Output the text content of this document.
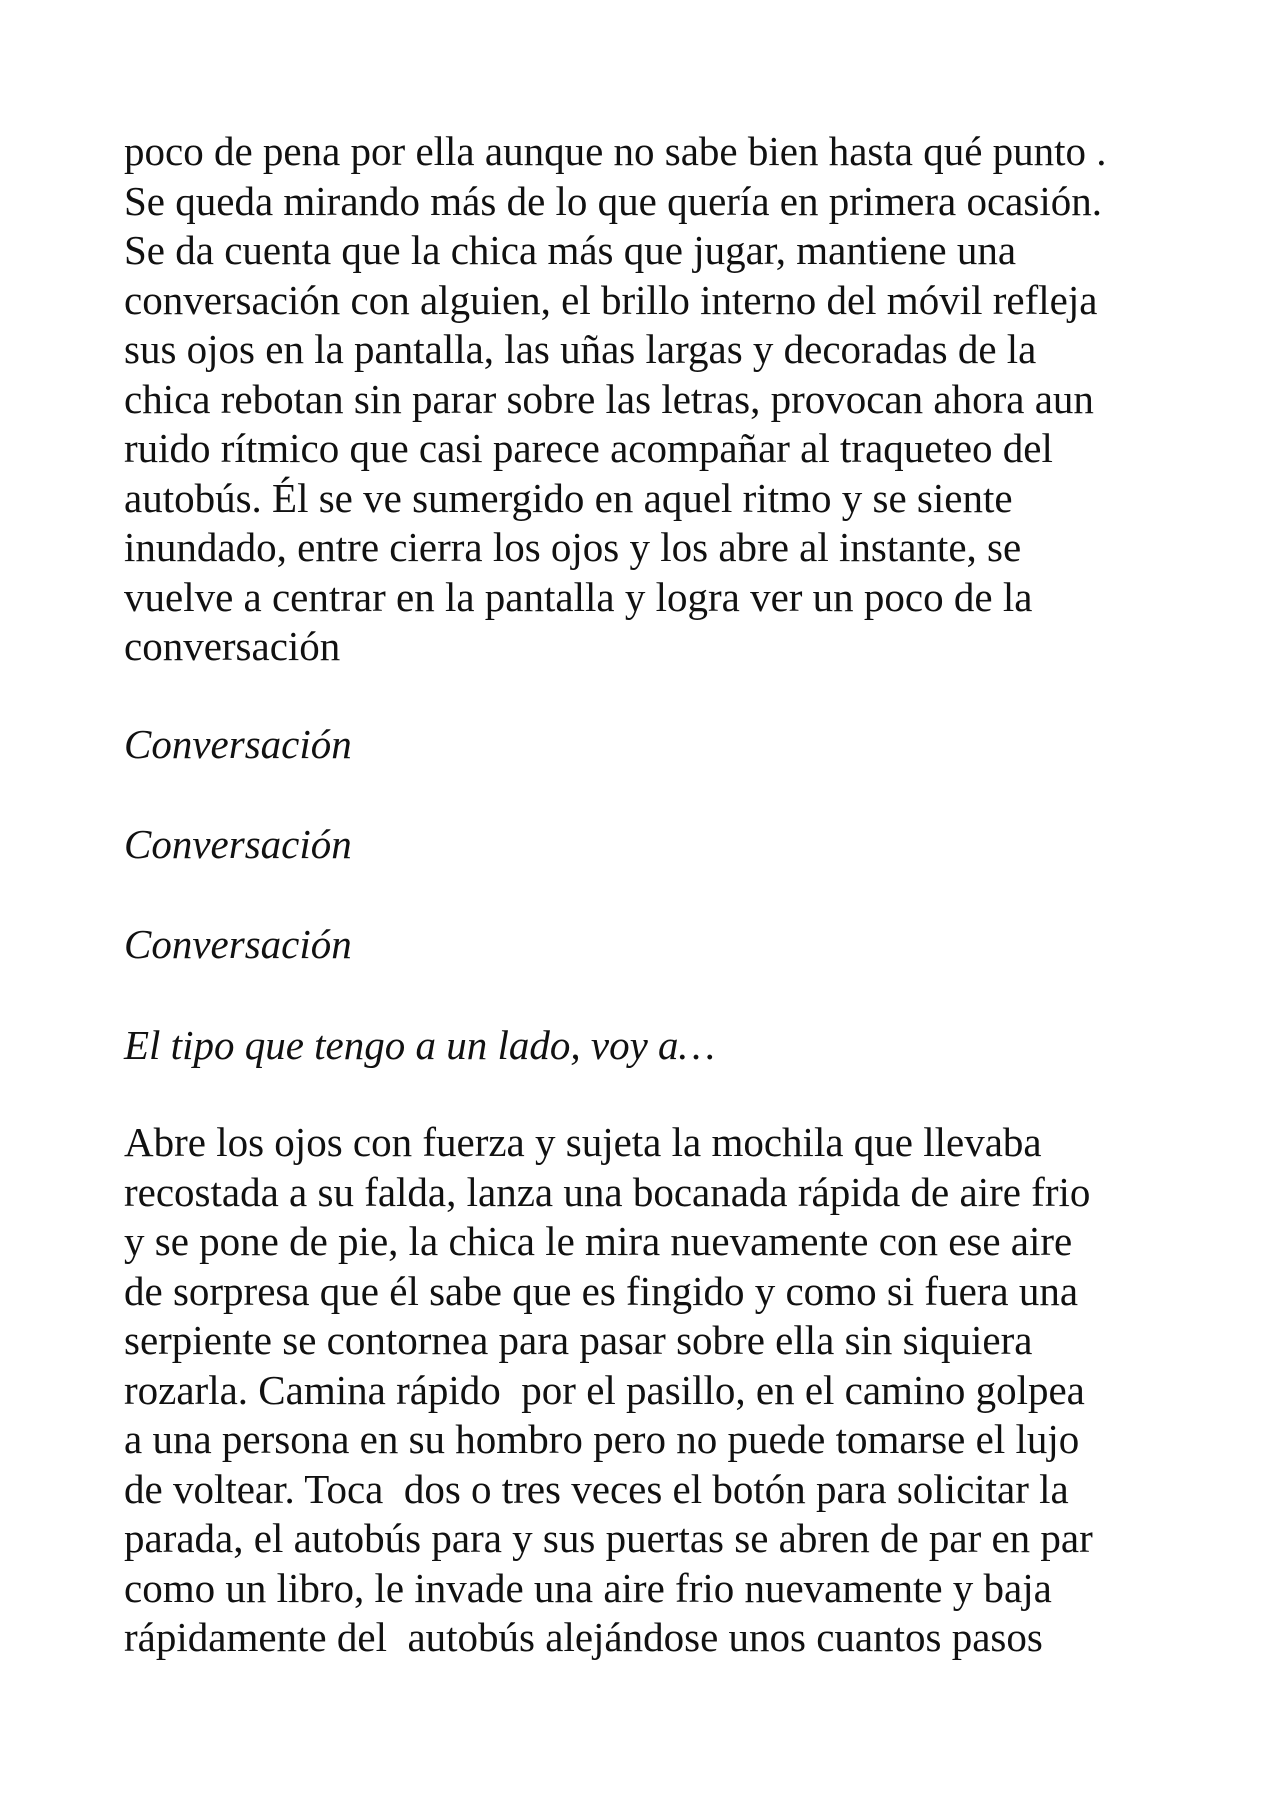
poco de pena por ella aunque no sabe bien hasta qué punto .
Se queda mirando más de lo que quería en primera ocasión.
Se da cuenta que la chica más que jugar, mantiene una
conversación con alguien, el brillo interno del móvil refleja
sus ojos en la pantalla, las uñas largas y decoradas de la
chica rebotan sin parar sobre las letras, provocan ahora aun
ruido rítmico que casi parece acompañar al traqueteo del
autobús. Él se ve sumergido en aquel ritmo y se siente
inundado, entre cierra los ojos y los abre al instante, se
vuelve a centrar en la pantalla y logra ver un poco de la
conversación
Conversación
Conversación
Conversación
El tipo que tengo a un lado, voy a…
Abre los ojos con fuerza y sujeta la mochila que llevaba
recostada a su falda, lanza una bocanada rápida de aire frio
y se pone de pie, la chica le mira nuevamente con ese aire
de sorpresa que él sabe que es fingido y como si fuera una
serpiente se contornea para pasar sobre ella sin siquiera
rozarla. Camina rápido  por el pasillo, en el camino golpea
a una persona en su hombro pero no puede tomarse el lujo
de voltear. Toca  dos o tres veces el botón para solicitar la
parada, el autobús para y sus puertas se abren de par en par
como un libro, le invade una aire frio nuevamente y baja
rápidamente del  autobús alejándose unos cuantos pasos
